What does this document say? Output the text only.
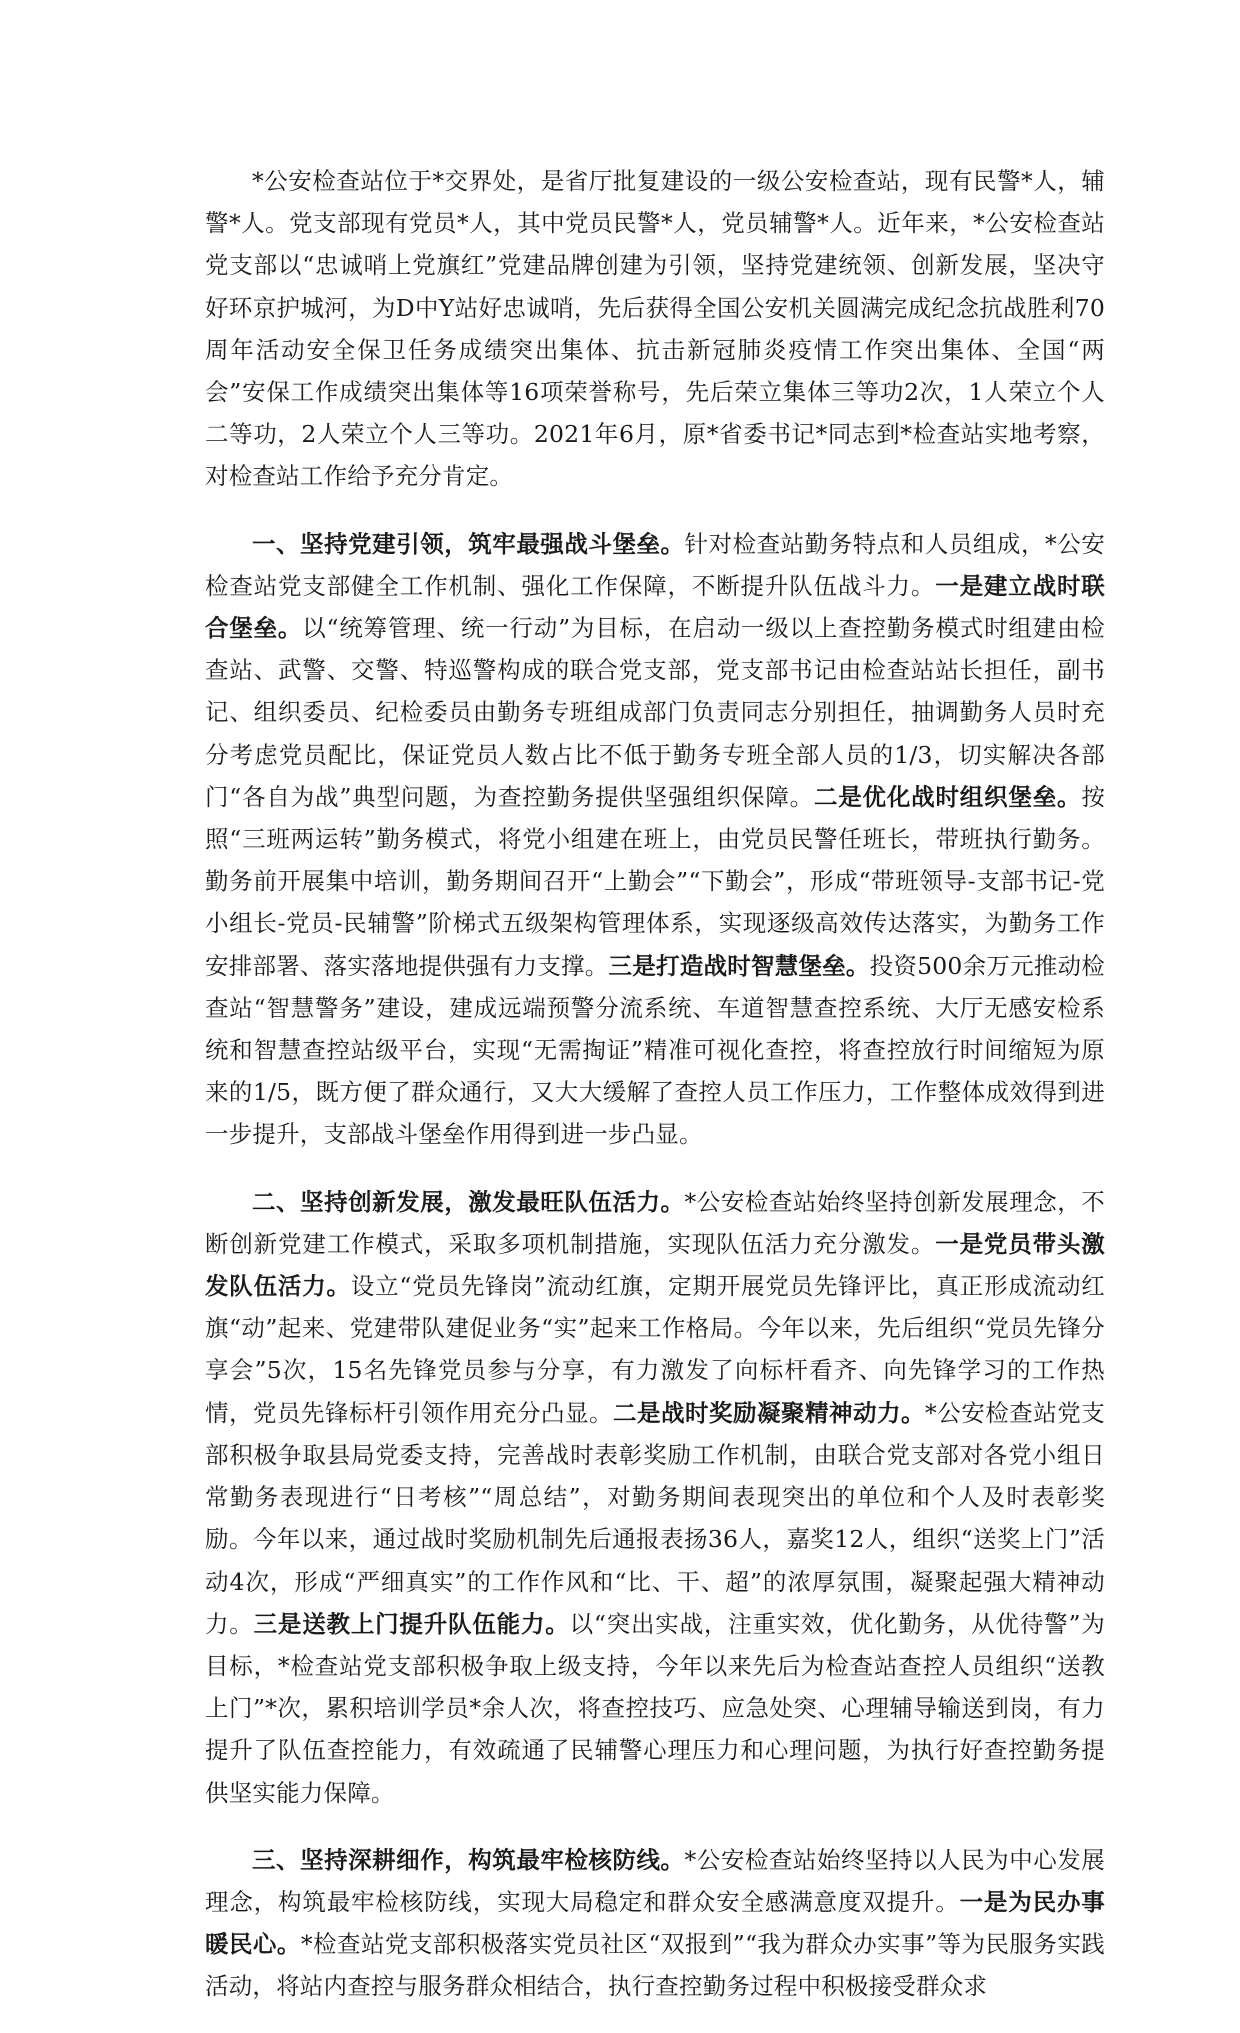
*公安检查站位于*交界处，是省厅批复建设的一级公安检查站，现有民警*人，辅警*人。党支部现有党员*人，其中党员民警*人，党员辅警*人。近年来，*公安检查站党支部以“忠诚哨上党旗红”党建品牌创建为引领，坚持党建统领、创新发展，坚决守好环京护城河，为D中Y站好忠诚哨，先后获得全国公安机关圆满完成纪念抗战胜利70周年活动安全保卫任务成绩突出集体、抗击新冠肺炎疫情工作突出集体、全国“两会”安保工作成绩突出集体等16项荣誉称号，先后荣立集体三等功2次，1人荣立个人二等功，2人荣立个人三等功。2021年6月，原*省委书记*同志到*检查站实地考察，对检查站工作给予充分肯定。

一、坚持党建引领，筑牢最强战斗堡垒。针对检查站勤务特点和人员组成，*公安检查站党支部健全工作机制、强化工作保障，不断提升队伍战斗力。一是建立战时联合堡垒。以“统筹管理、统一行动”为目标，在启动一级以上查控勤务模式时组建由检查站、武警、交警、特巡警构成的联合党支部，党支部书记由检查站站长担任，副书记、组织委员、纪检委员由勤务专班组成部门负责同志分别担任，抽调勤务人员时充分考虑党员配比，保证党员人数占比不低于勤务专班全部人员的1/3，切实解决各部门“各自为战”典型问题，为查控勤务提供坚强组织保障。二是优化战时组织堡垒。按照“三班两运转”勤务模式，将党小组建在班上，由党员民警任班长，带班执行勤务。勤务前开展集中培训，勤务期间召开“上勤会”“下勤会”，形成“带班领导-支部书记-党小组长-党员-民辅警”阶梯式五级架构管理体系，实现逐级高效传达落实，为勤务工作安排部署、落实落地提供强有力支撑。三是打造战时智慧堡垒。投资500余万元推动检查站“智慧警务”建设，建成远端预警分流系统、车道智慧查控系统、大厅无感安检系统和智慧查控站级平台，实现“无需掏证”精准可视化查控，将查控放行时间缩短为原来的1/5，既方便了群众通行，又大大缓解了查控人员工作压力，工作整体成效得到进一步提升，支部战斗堡垒作用得到进一步凸显。

二、坚持创新发展，激发最旺队伍活力。*公安检查站始终坚持创新发展理念，不断创新党建工作模式，采取多项机制措施，实现队伍活力充分激发。一是党员带头激发队伍活力。设立“党员先锋岗”流动红旗，定期开展党员先锋评比，真正形成流动红旗“动”起来、党建带队建促业务“实”起来工作格局。今年以来，先后组织“党员先锋分享会”5次，15名先锋党员参与分享，有力激发了向标杆看齐、向先锋学习的工作热情，党员先锋标杆引领作用充分凸显。二是战时奖励凝聚精神动力。*公安检查站党支部积极争取县局党委支持，完善战时表彰奖励工作机制，由联合党支部对各党小组日常勤务表现进行“日考核”“周总结”，对勤务期间表现突出的单位和个人及时表彰奖励。今年以来，通过战时奖励机制先后通报表扬36人，嘉奖12人，组织“送奖上门”活动4次，形成“严细真实”的工作作风和“比、干、超”的浓厚氛围，凝聚起强大精神动力。三是送教上门提升队伍能力。以“突出实战，注重实效，优化勤务，从优待警”为目标，*检查站党支部积极争取上级支持，今年以来先后为检查站查控人员组织“送教上门”*次，累积培训学员*余人次，将查控技巧、应急处突、心理辅导输送到岗，有力提升了队伍查控能力，有效疏通了民辅警心理压力和心理问题，为执行好查控勤务提供坚实能力保障。

三、坚持深耕细作，构筑最牢检核防线。*公安检查站始终坚持以人民为中心发展理念，构筑最牢检核防线，实现大局稳定和群众安全感满意度双提升。一是为民办事暖民心。*检查站党支部积极落实党员社区“双报到”“我为群众办实事”等为民服务实践活动，将站内查控与服务群众相结合，执行查控勤务过程中积极接受群众求
